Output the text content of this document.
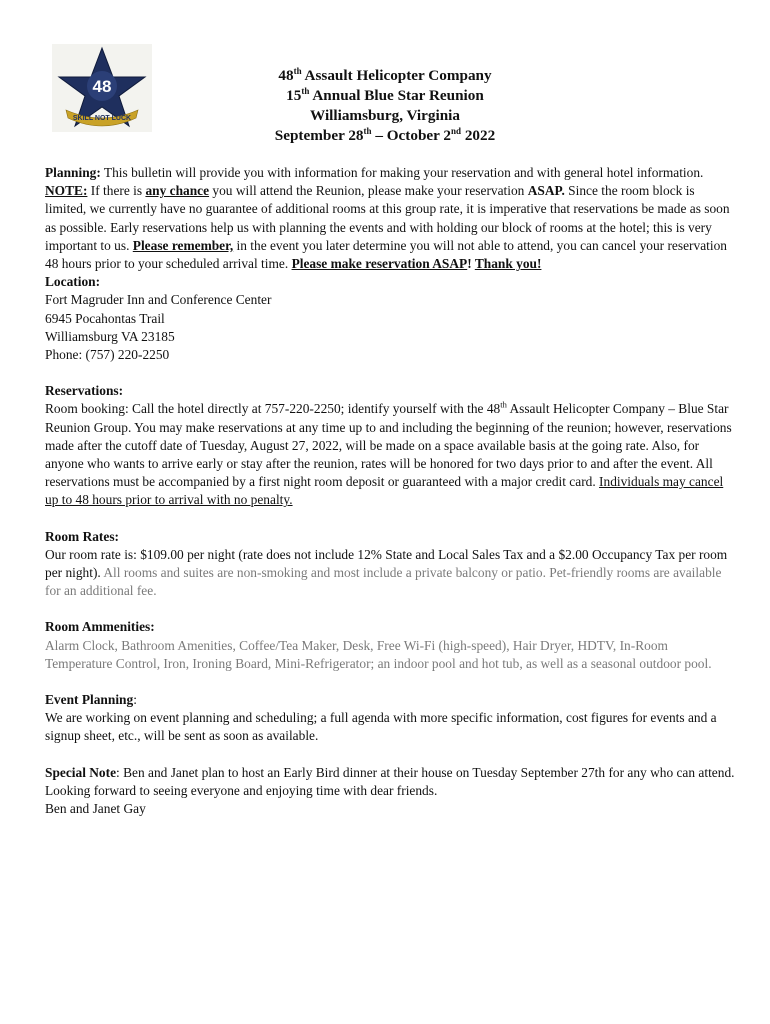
48
SKILL NOT LUCK
48th Assault Helicopter Company
15th Annual Blue Star Reunion
Williamsburg, Virginia
September 28th – October 2nd 2022

Planning: This bulletin will provide you with information for making your reservation and with general hotel information. NOTE: If there is any chance you will attend the Reunion, please make your reservation ASAP. Since the room block is limited, we currently have no guarantee of additional rooms at this group rate, it is imperative that reservations be made as soon as possible. Early reservations help us with planning the events and with holding our block of rooms at the hotel; this is very important to us. Please remember, in the event you later determine you will not able to attend, you can cancel your reservation 48 hours prior to your scheduled arrival time. Please make reservation ASAP! Thank you!

Location:
Fort Magruder Inn and Conference Center
6945 Pocahontas Trail
Williamsburg VA 23185
Phone: (757) 220-2250
Reservations:

Room booking: Call the hotel directly at 757-220-2250; identify yourself with the 48th Assault Helicopter Company – Blue Star Reunion Group. You may make reservations at any time up to and including the beginning of the reunion; however, reservations made after the cutoff date of Tuesday, August 27, 2022, will be made on a space available basis at the going rate. Also, for anyone who wants to arrive early or stay after the reunion, rates will be honored for two days prior to and after the event. All reservations must be accompanied by a first night room deposit or guaranteed with a major credit card. Individuals may cancel up to 48 hours prior to arrival with no penalty.

Room Rates:

Our room rate is: $109.00 per night (rate does not include 12% State and Local Sales Tax and a $2.00 Occupancy Tax per room per night). All rooms and suites are non-smoking and most include a private balcony or patio. Pet-friendly rooms are available for an additional fee.

Room Ammenities:

Alarm Clock, Bathroom Amenities, Coffee/Tea Maker, Desk, Free Wi-Fi (high-speed), Hair Dryer, HDTV, In-Room Temperature Control, Iron, Ironing Board, Mini-Refrigerator; an indoor pool and hot tub, as well as a seasonal outdoor pool.

Event Planning:

We are working on event planning and scheduling; a full agenda with more specific information, cost figures for events and a signup sheet, etc., will be sent as soon as available.

Special Note: Ben and Janet plan to host an Early Bird dinner at their house on Tuesday September 27th for any who can attend.

Looking forward to seeing everyone and enjoying time with dear friends.

Ben and Janet Gay
